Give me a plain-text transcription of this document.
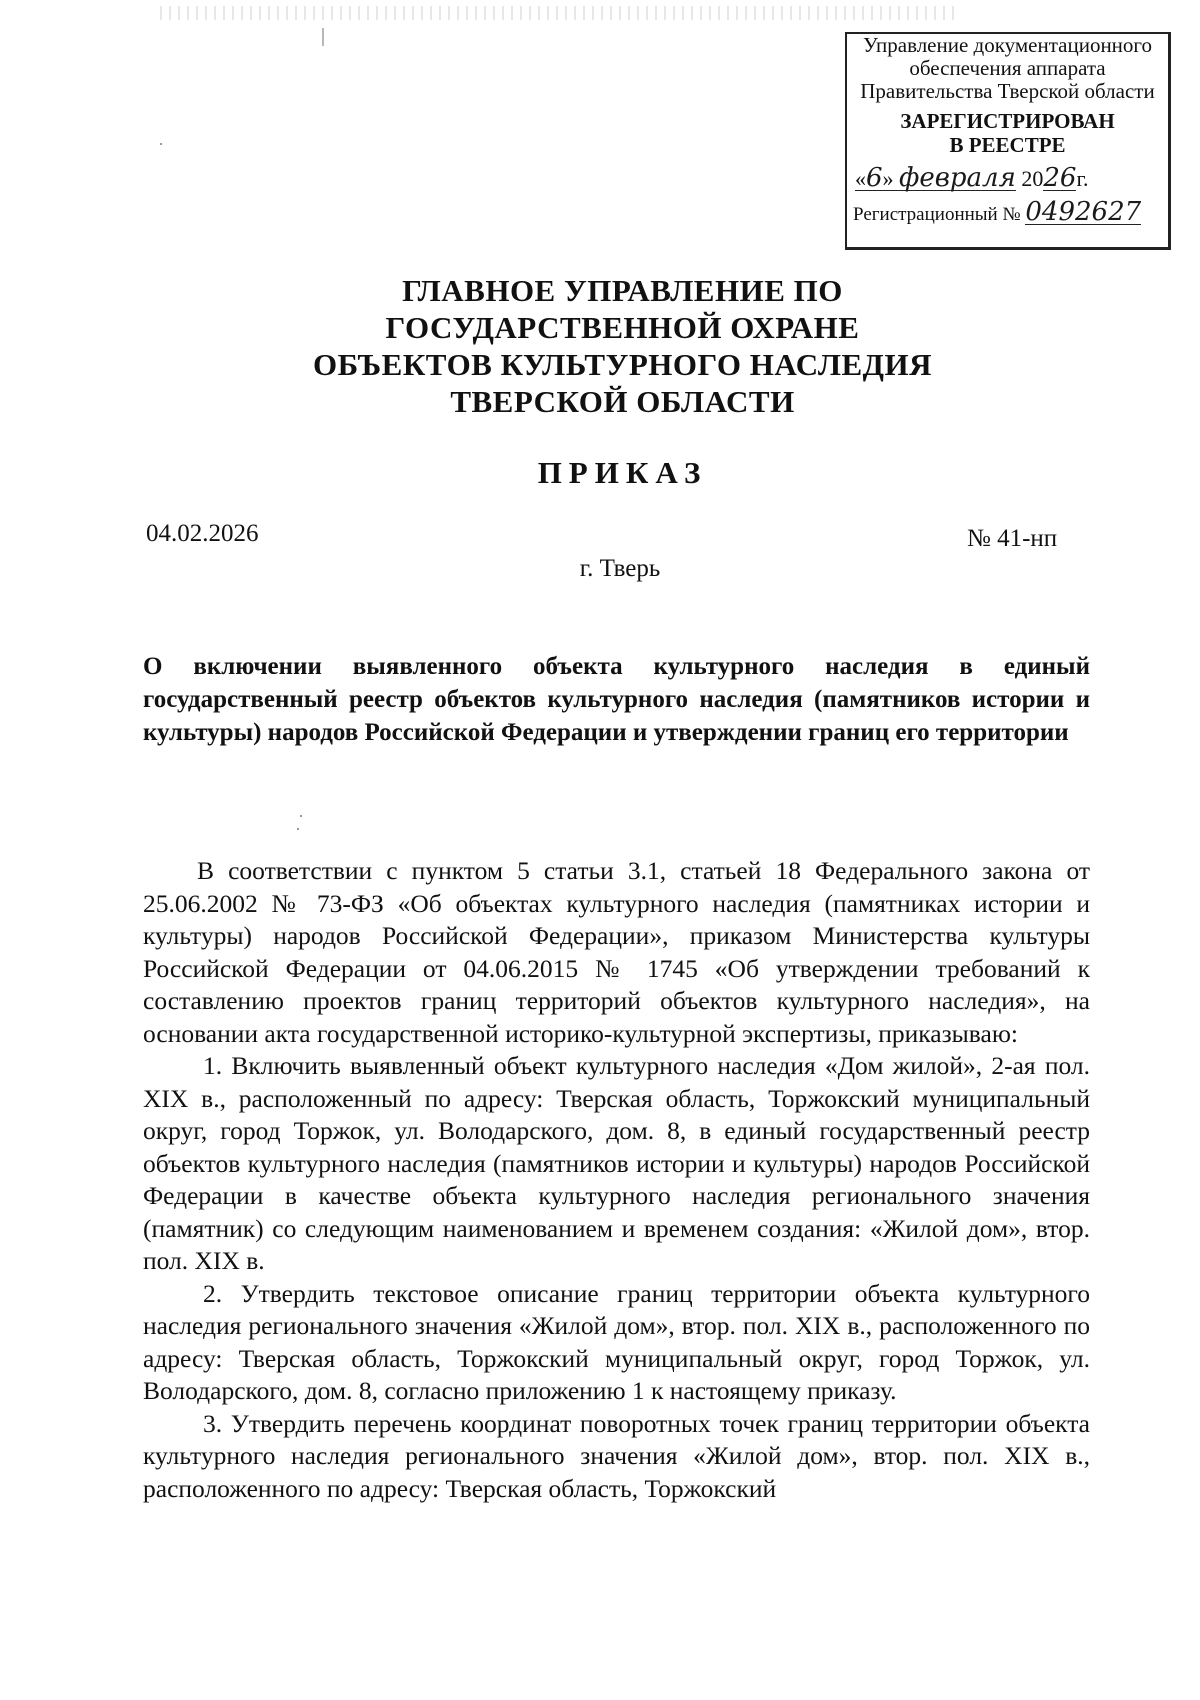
Управление документационного
обеспечения аппарата
Правительства Тверской области
ЗАРЕГИСТРИРОВАН
В РЕЕСТРЕ
«6» февраля 2026г.
Регистрационный № 0492627
ГЛАВНОЕ УПРАВЛЕНИЕ ПО
ГОСУДАРСТВЕННОЙ ОХРАНЕ
ОБЪЕКТОВ КУЛЬТУРНОГО НАСЛЕДИЯ
ТВЕРСКОЙ ОБЛАСТИ
ПРИКАЗ
04.02.2026	№ 41-нп
г. Тверь
О включении выявленного объекта культурного наследия в единый государственный реестр объектов культурного наследия (памятников истории и культуры) народов Российской Федерации и утверждении границ его территории

В соответствии с пунктом 5 статьи 3.1, статьей 18 Федерального закона от 25.06.2002 № 73-ФЗ «Об объектах культурного наследия (памятниках истории и культуры) народов Российской Федерации», приказом Министерства культуры Российской Федерации от 04.06.2015 № 1745 «Об утверждении требований к составлению проектов границ территорий объектов культурного наследия», на основании акта государственной историко-культурной экспертизы, приказываю:

1. Включить выявленный объект культурного наследия «Дом жилой», 2-ая пол. XIX в., расположенный по адресу: Тверская область, Торжокский муниципальный округ, город Торжок, ул. Володарского, дом. 8, в единый государственный реестр объектов культурного наследия (памятников истории и культуры) народов Российской Федерации в качестве объекта культурного наследия регионального значения (памятник) со следующим наименованием и временем создания: «Жилой дом», втор. пол. XIX в.

2. Утвердить текстовое описание границ территории объекта культурного наследия регионального значения «Жилой дом», втор. пол. XIX в., расположенного по адресу: Тверская область, Торжокский муниципальный округ, город Торжок, ул. Володарского, дом. 8, согласно приложению 1 к настоящему приказу.

3. Утвердить перечень координат поворотных точек границ территории объекта культурного наследия регионального значения «Жилой дом», втор. пол. XIX в., расположенного по адресу: Тверская область, Торжокский
